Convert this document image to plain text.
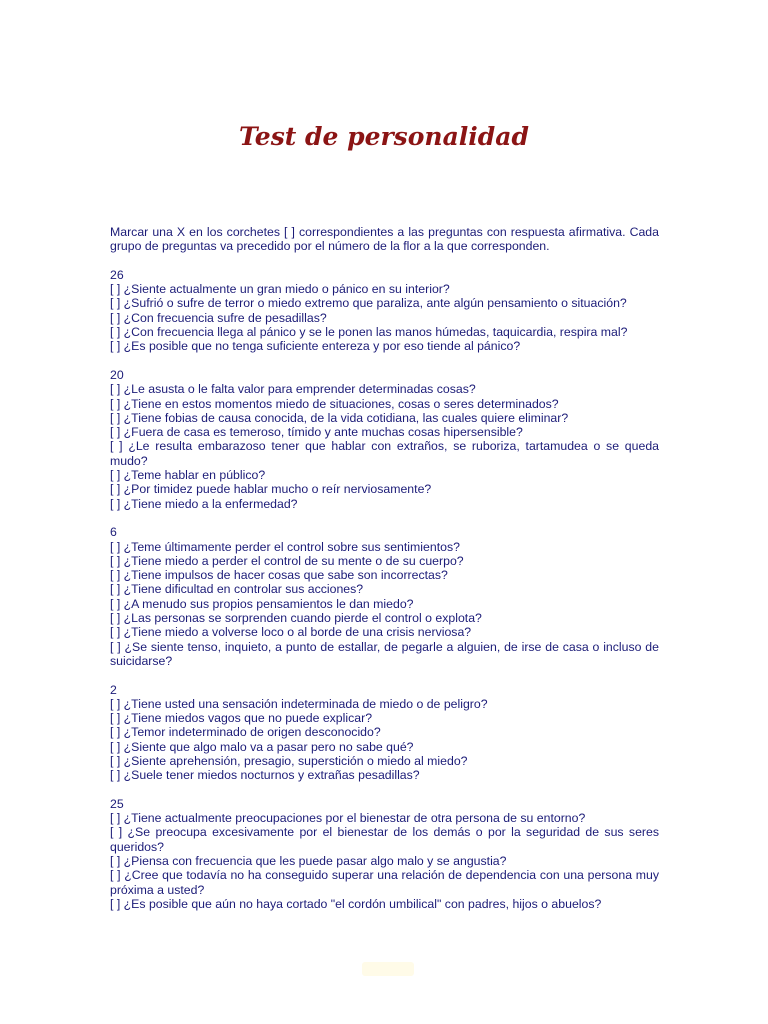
Test de personalidad

Marcar una X en los corchetes [ ] correspondientes a las preguntas con respuesta afirmativa. Cada grupo de preguntas va precedido por el número de la flor a la que corresponden.

26

[ ] ¿Siente actualmente un gran miedo o pánico en su interior?

[ ] ¿Sufrió o sufre de terror o miedo extremo que paraliza, ante algún pensamiento o situación?

[ ] ¿Con frecuencia sufre de pesadillas?

[ ] ¿Con frecuencia llega al pánico y se le ponen las manos húmedas, taquicardia, respira mal?

[ ] ¿Es posible que no tenga suficiente entereza y por eso tiende al pánico?

20

[ ] ¿Le asusta o le falta valor para emprender determinadas cosas?

[ ] ¿Tiene en estos momentos miedo de situaciones, cosas o seres determinados?

[ ] ¿Tiene fobias de causa conocida, de la vida cotidiana, las cuales quiere eliminar?

[ ] ¿Fuera de casa es temeroso, tímido y ante muchas cosas hipersensible?

[ ] ¿Le resulta embarazoso tener que hablar con extraños, se ruboriza, tartamudea o se queda mudo?

[ ] ¿Teme hablar en público?

[ ] ¿Por timidez puede hablar mucho o reír nerviosamente?

[ ] ¿Tiene miedo a la enfermedad?

6

[ ] ¿Teme últimamente perder el control sobre sus sentimientos?

[ ] ¿Tiene miedo a perder el control de su mente o de su cuerpo?

[ ] ¿Tiene impulsos de hacer cosas que sabe son incorrectas?

[ ] ¿Tiene dificultad en controlar sus acciones?

[ ] ¿A menudo sus propios pensamientos le dan miedo?

[ ] ¿Las personas se sorprenden cuando pierde el control o explota?

[ ] ¿Tiene miedo a volverse loco o al borde de una crisis nerviosa?

[ ] ¿Se siente tenso, inquieto, a punto de estallar, de pegarle a alguien, de irse de casa o incluso de suicidarse?

2

[ ] ¿Tiene usted una sensación indeterminada de miedo o de peligro?

[ ] ¿Tiene miedos vagos que no puede explicar?

[ ] ¿Temor indeterminado de origen desconocido?

[ ] ¿Siente que algo malo va a pasar pero no sabe qué?

[ ] ¿Siente aprehensión, presagio, superstición o miedo al miedo?

[ ] ¿Suele tener miedos nocturnos y extrañas pesadillas?

25

[ ] ¿Tiene actualmente preocupaciones por el bienestar de otra persona de su entorno?

[ ] ¿Se preocupa excesivamente por el bienestar de los demás o por la seguridad de sus seres queridos?

[ ] ¿Piensa con frecuencia que les puede pasar algo malo y se angustia?

[ ] ¿Cree que todavía no ha conseguido superar una relación de dependencia con una persona muy próxima a usted?

[ ] ¿Es posible que aún no haya cortado "el cordón umbilical" con padres, hijos o abuelos?
